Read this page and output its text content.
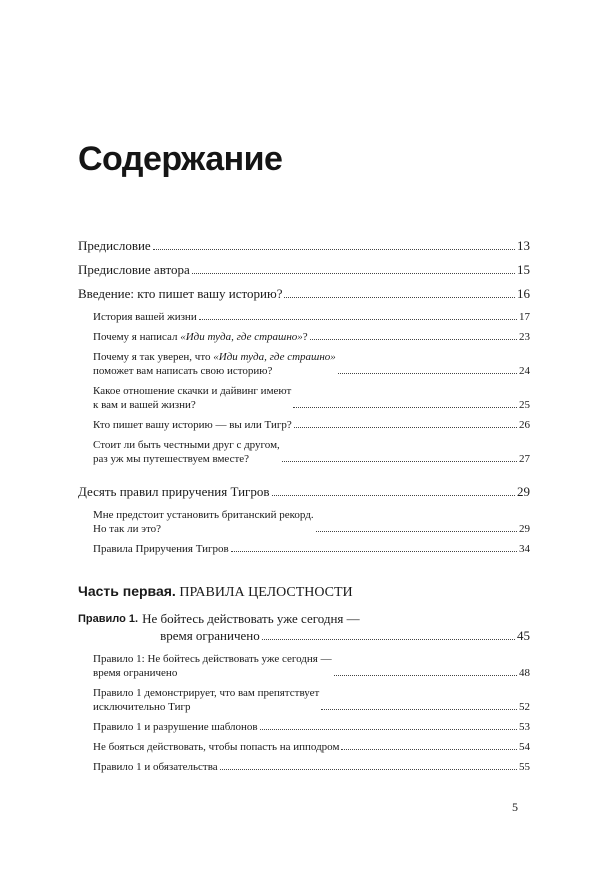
Содержание
Предисловие	13
Предисловие автора	15
Введение: кто пишет вашу историю?	16
История вашей жизни	17
Почему я написал «Иди туда, где страшно»?	23
Почему я так уверен, что «Иди туда, где страшно»
поможет вам написать свою историю?	24
Какое отношение скачки и дайвинг имеют
к вам и вашей жизни?	25
Кто пишет вашу историю — вы или Тигр?	26
Стоит ли быть честными друг с другом,
раз уж мы путешествуем вместе?	27
Десять правил приручения Тигров	29
Мне предстоит установить британский рекорд.
Но так ли это?	29
Правила Приручения Тигров	34
Часть первая. ПРАВИЛА ЦЕЛОСТНОСТИ
Правило 1. Не бойтесь действовать уже сегодня —
время ограничено	45
Правило 1: Не бойтесь действовать уже сегодня —
время ограничено	48
Правило 1 демонстрирует, что вам препятствует
исключительно Тигр	52
Правило 1 и разрушение шаблонов	53
Не бояться действовать, чтобы попасть на ипподром	54
Правило 1 и обязательства	55
5
